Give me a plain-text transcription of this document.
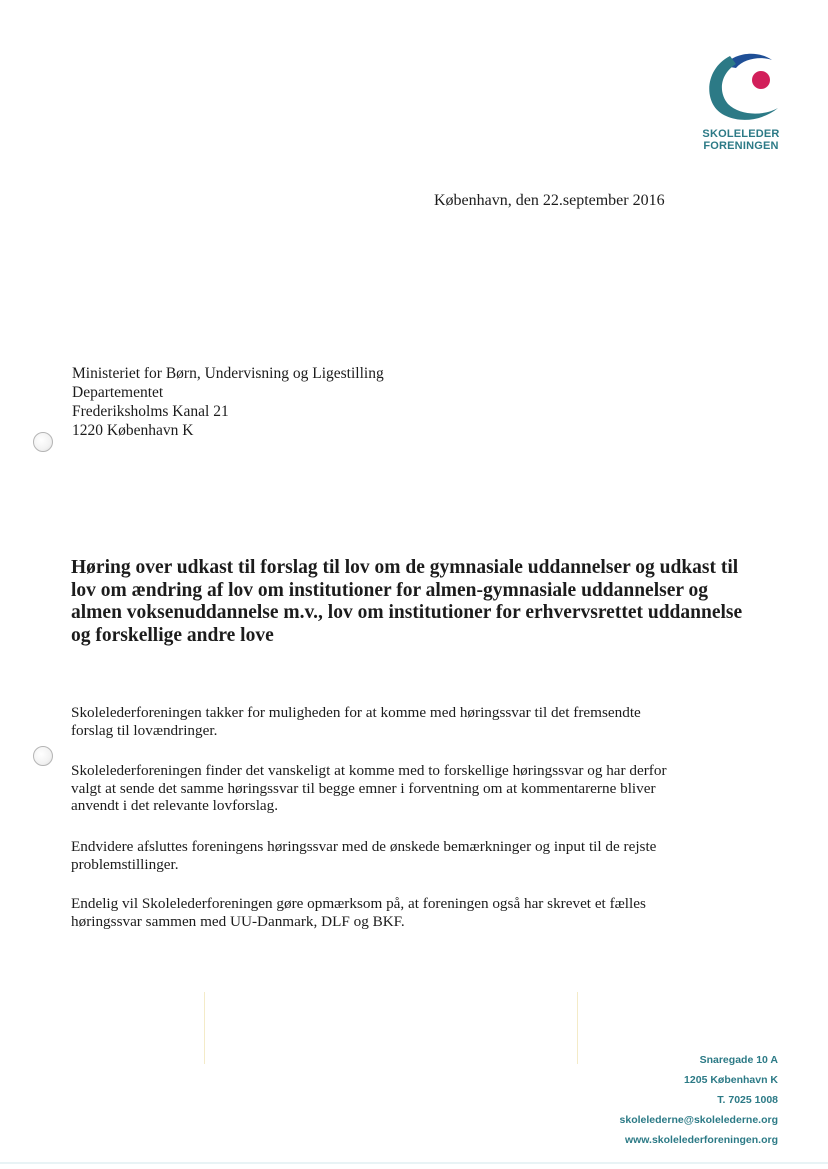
SKOLELEDER
FORENINGEN
København, den 22.september 2016
Ministeriet for Børn, Undervisning og Ligestilling
Departementet
Frederiksholms Kanal 21
1220 København K
Høring over udkast til forslag til lov om de gymnasiale uddannelser og udkast til
lov om ændring af lov om institutioner for almen-gymnasiale uddannelser og
almen voksenuddannelse m.v., lov om institutioner for erhvervsrettet uddannelse
og forskellige andre love
Skolelederforeningen takker for muligheden for at komme med høringssvar til det fremsendte
forslag til lovændringer.
Skolelederforeningen finder det vanskeligt at komme med to forskellige høringssvar og har derfor
valgt at sende det samme høringssvar til begge emner i forventning om at kommentarerne bliver
anvendt i det relevante lovforslag.
Endvidere afsluttes foreningens høringssvar med de ønskede bemærkninger og input til de rejste
problemstillinger.
Endelig vil Skolelederforeningen gøre opmærksom på, at foreningen også har skrevet et fælles
høringssvar sammen med UU-Danmark, DLF og BKF.
Snaregade 10 A
1205 København K
T. 7025 1008
skolelederne@skolelederne.org
www.skolelederforeningen.org
